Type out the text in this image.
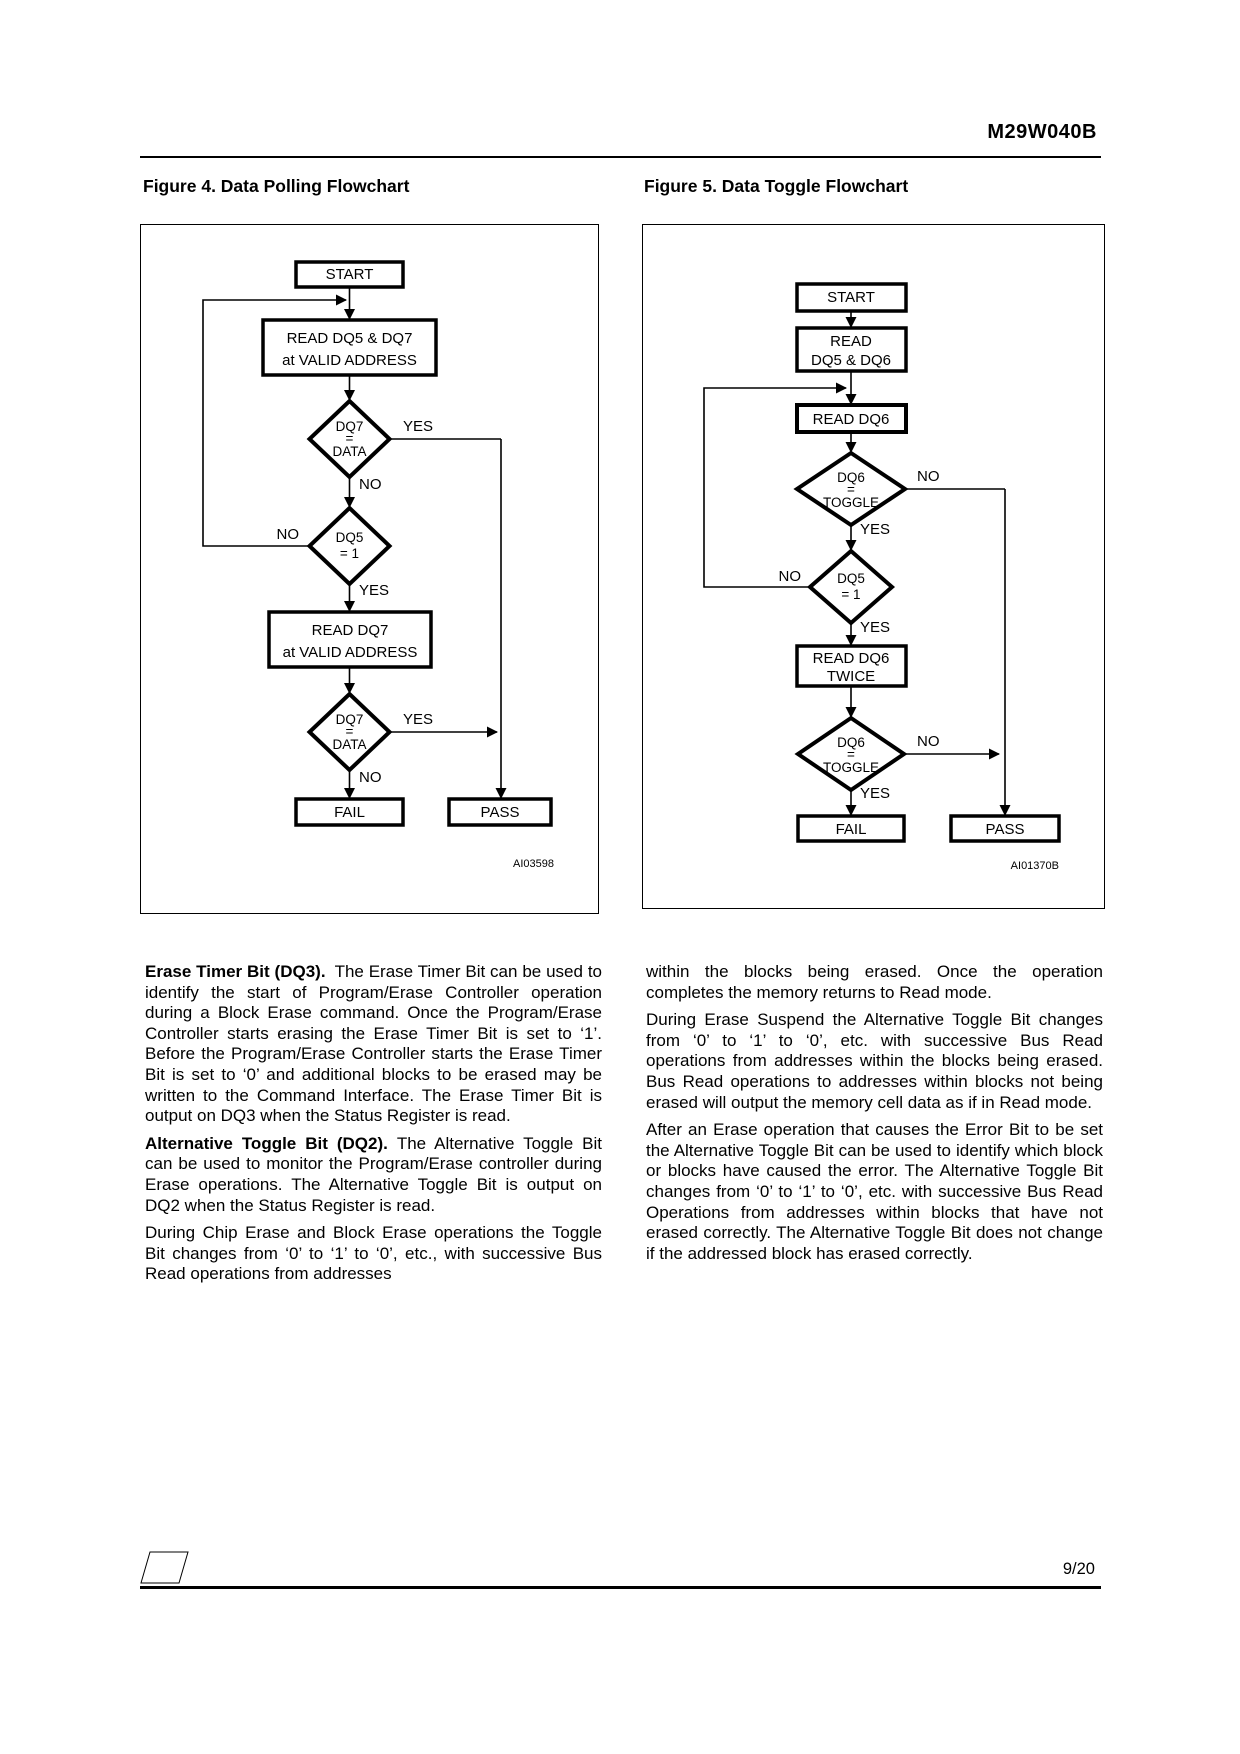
M29W040B
Figure 4. Data Polling Flowchart	Figure 5. Data Toggle Flowchart
START
READ DQ5 & DQ7
at VALID ADDRESS
DQ7
=
DATA
YES
NO
DQ5
= 1
NO
YES
READ DQ7
at VALID ADDRESS
DQ7
=
DATA
YES
NO
FAIL	PASS
AI03598
START
READ
DQ5 & DQ6
READ DQ6
DQ6
=
TOGGLE
NO
YES
DQ5
= 1
NO
YES
READ DQ6
TWICE
DQ6
=
TOGGLE
NO
YES
FAIL	PASS
AI01370B

Erase Timer Bit (DQ3). The Erase Timer Bit can be used to identify the start of Program/Erase Controller operation during a Block Erase command. Once the Program/Erase Controller starts erasing the Erase Timer Bit is set to ‘1’. Before the Program/Erase Controller starts the Erase Timer Bit is set to ‘0’ and additional blocks to be erased may be written to the Command Interface. The Erase Timer Bit is output on DQ3 when the Status Register is read.

Alternative Toggle Bit (DQ2). The Alternative Toggle Bit can be used to monitor the Program/Erase controller during Erase operations. The Alternative Toggle Bit is output on DQ2 when the Status Register is read.

During Chip Erase and Block Erase operations the Toggle Bit changes from ‘0’ to ‘1’ to ‘0’, etc., with successive Bus Read operations from addresses

within the blocks being erased. Once the operation completes the memory returns to Read mode.

During Erase Suspend the Alternative Toggle Bit changes from ‘0’ to ‘1’ to ‘0’, etc. with successive Bus Read operations from addresses within the blocks being erased. Bus Read operations to addresses within blocks not being erased will output the memory cell data as if in Read mode.

After an Erase operation that causes the Error Bit to be set the Alternative Toggle Bit can be used to identify which block or blocks have caused the error. The Alternative Toggle Bit changes from ‘0’ to ‘1’ to ‘0’, etc. with successive Bus Read Operations from addresses within blocks that have not erased correctly. The Alternative Toggle Bit does not change if the addressed block has erased correctly.

ST	9/20
